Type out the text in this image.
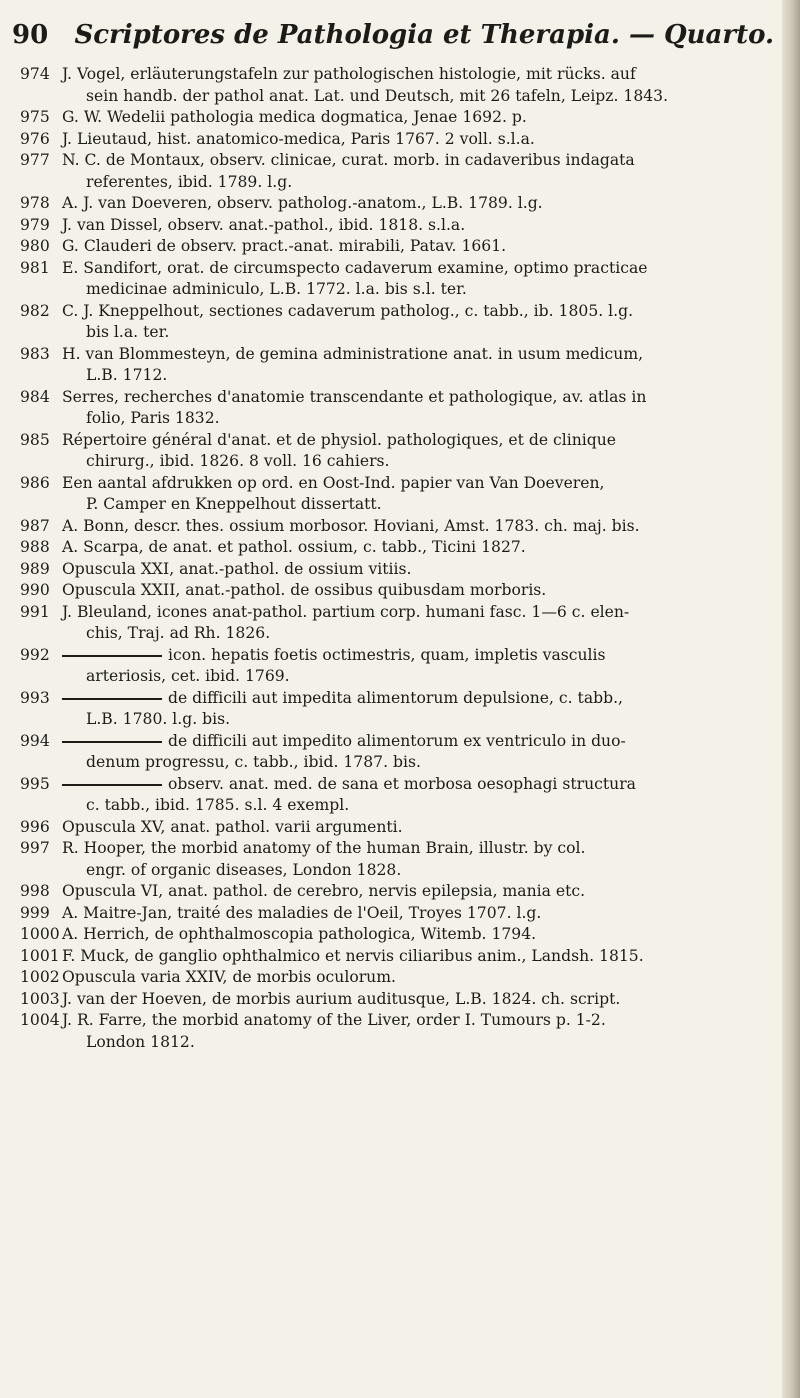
90 Scriptores de Pathologia et Therapia. — Quarto.
974 J. Vogel, erläuterungstafeln zur pathologischen histologie, mit rücks. auf
sein handb. der pathol anat. Lat. und Deutsch, mit 26 tafeln, Leipz. 1843.
975 G. W. Wedelii pathologia medica dogmatica, Jenae 1692. p.
976 J. Lieutaud, hist. anatomico-medica, Paris 1767. 2 voll. s.l.a.
977 N. C. de Montaux, observ. clinicae, curat. morb. in cadaveribus indagata
referentes, ibid. 1789. l.g.
978 A. J. van Doeveren, observ. patholog.-anatom., L.B. 1789. l.g.
979 J. van Dissel, observ. anat.-pathol., ibid. 1818. s.l.a.
980 G. Clauderi de observ. pract.-anat. mirabili, Patav. 1661.
981 E. Sandifort, orat. de circumspecto cadaverum examine, optimo practicae
medicinae adminiculo, L.B. 1772. l.a. bis s.l. ter.
982 C. J. Kneppelhout, sectiones cadaverum patholog., c. tabb., ib. 1805. l.g.
bis l.a. ter.
983 H. van Blommesteyn, de gemina administratione anat. in usum medicum,
L.B. 1712.
984 Serres, recherches d'anatomie transcendante et pathologique, av. atlas in
folio, Paris 1832.
985 Répertoire général d'anat. et de physiol. pathologiques, et de clinique
chirurg., ibid. 1826. 8 voll. 16 cahiers.
986 Een aantal afdrukken op ord. en Oost-Ind. papier van Van Doeveren,
P. Camper en Kneppelhout dissertatt.
987 A. Bonn, descr. thes. ossium morbosor. Hoviani, Amst. 1783. ch. maj. bis.
988 A. Scarpa, de anat. et pathol. ossium, c. tabb., Ticini 1827.
989 Opuscula XXI, anat.-pathol. de ossium vitiis.
990 Opuscula XXII, anat.-pathol. de ossibus quibusdam morboris.
991 J. Bleuland, icones anat-pathol. partium corp. humani fasc. 1—6 c. elen-
chis, Traj. ad Rh. 1826.
992	icon. hepatis foetis octimestris, quam, impletis vasculis
arteriosis, cet. ibid. 1769.
993	de difficili aut impedita alimentorum depulsione, c. tabb.,
L.B. 1780. l.g. bis.
994	de difficili aut impedito alimentorum ex ventriculo in duo-
denum progressu, c. tabb., ibid. 1787. bis.
995	observ. anat. med. de sana et morbosa oesophagi structura
c. tabb., ibid. 1785. s.l. 4 exempl.
996 Opuscula XV, anat. pathol. varii argumenti.
997 R. Hooper, the morbid anatomy of the human Brain, illustr. by col.
engr. of organic diseases, London 1828.
998 Opuscula VI, anat. pathol. de cerebro, nervis epilepsia, mania etc.
999 A. Maitre-Jan, traité des maladies de l'Oeil, Troyes 1707. l.g.
1000 A. Herrich, de ophthalmoscopia pathologica, Witemb. 1794.
1001 F. Muck, de ganglio ophthalmico et nervis ciliaribus anim., Landsh. 1815.
1002 Opuscula varia XXIV, de morbis oculorum.
1003 J. van der Hoeven, de morbis aurium auditusque, L.B. 1824. ch. script.
1004 J. R. Farre, the morbid anatomy of the Liver, order I. Tumours p. 1-2.
London 1812.
